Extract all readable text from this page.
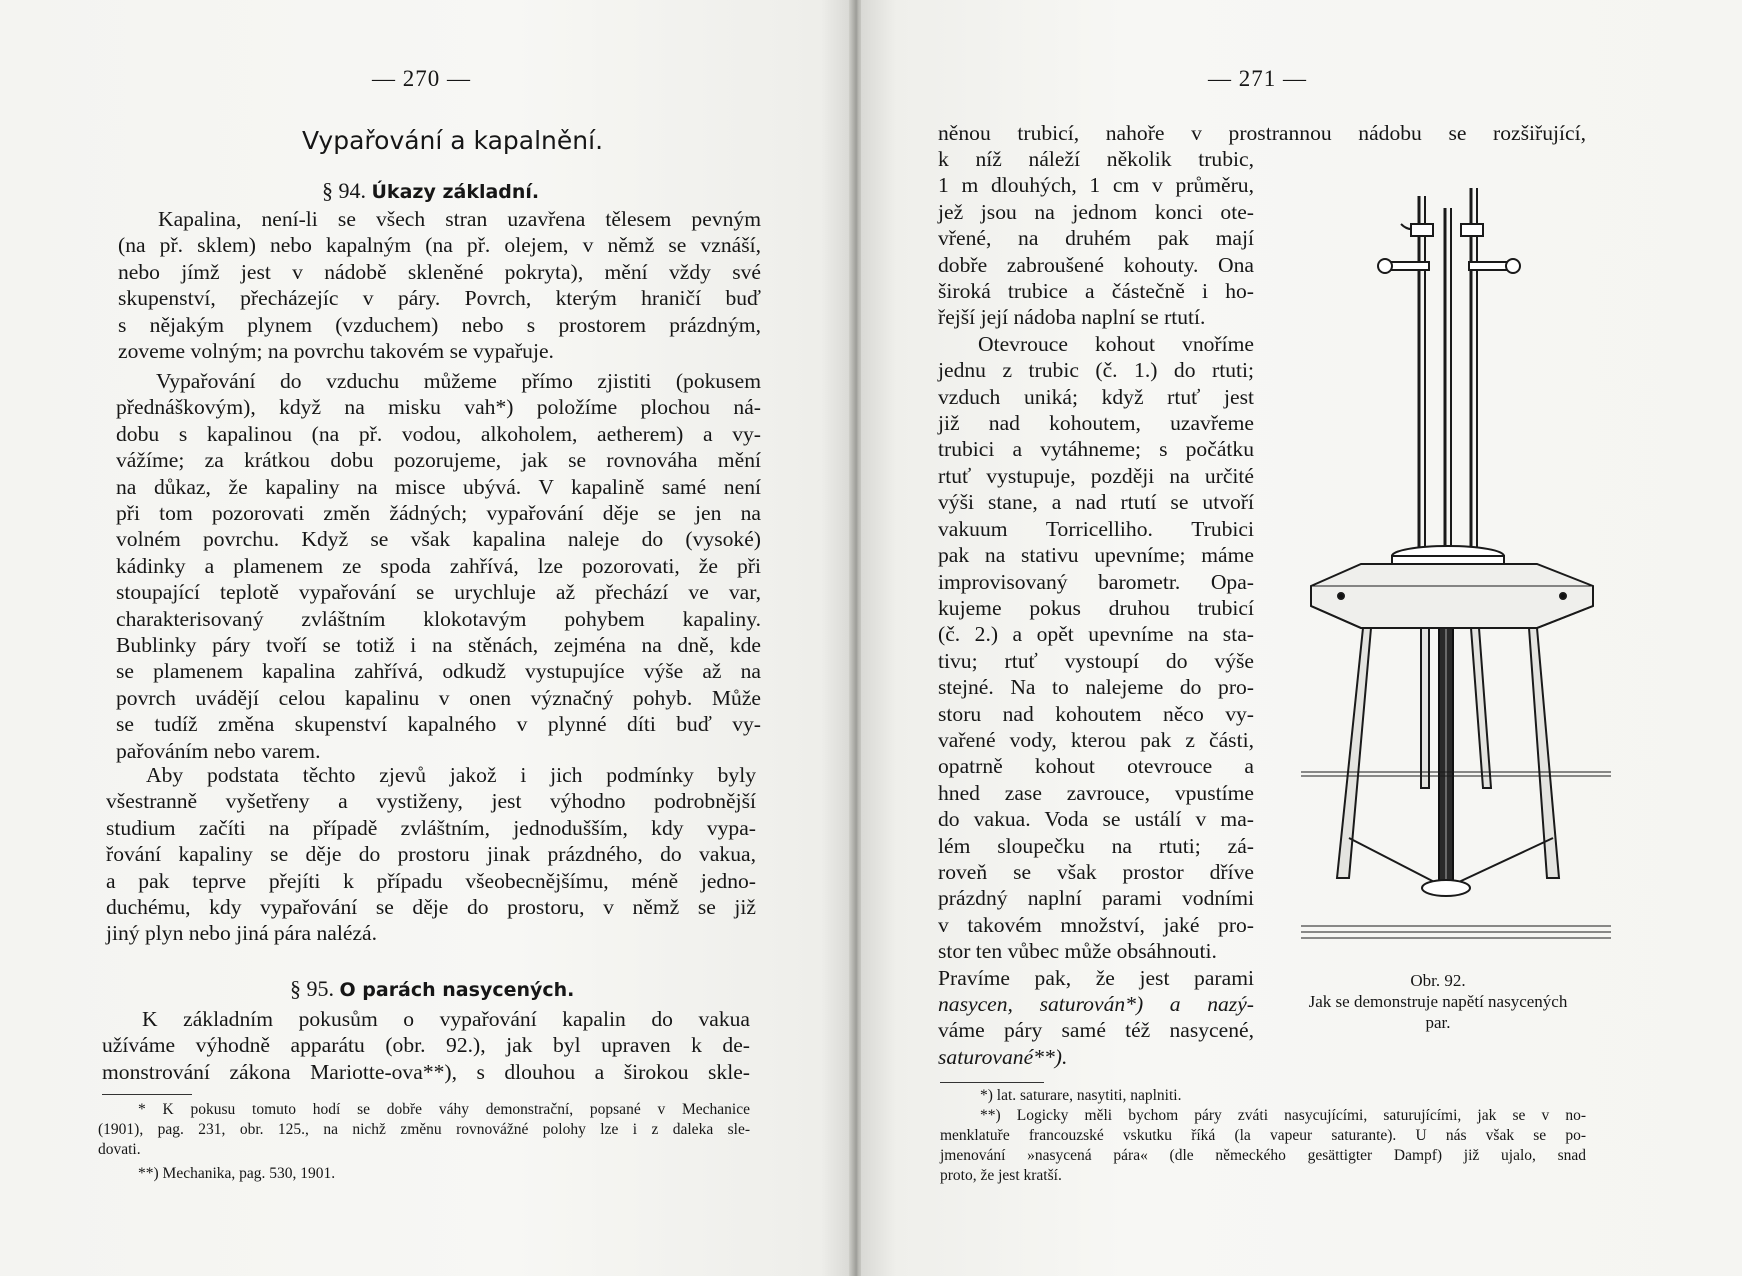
— 270 —
Vypařování a kapalnění.
§ 94. Úkazy základní.
Kapalina, není-li se všech stran uzavřena tělesem pevným
(na př. sklem) nebo kapalným (na př. olejem, v němž se vznáší,
nebo jímž jest v nádobě skleněné pokryta), mění vždy své
skupenství, přecházejíc v páry. Povrch, kterým hraničí buď
s nějakým plynem (vzduchem) nebo s prostorem prázdným,
zoveme volným; na povrchu takovém se vypařuje.
Vypařování do vzduchu můžeme přímo zjistiti (pokusem
přednáškovým), když na misku vah*) položíme plochou ná-
dobu s kapalinou (na př. vodou, alkoholem, aetherem) a vy-
vážíme; za krátkou dobu pozorujeme, jak se rovnováha mění
na důkaz, že kapaliny na misce ubývá. V kapalině samé není
při tom pozorovati změn žádných; vypařování děje se jen na
volném povrchu. Když se však kapalina naleje do (vysoké)
kádinky a plamenem ze spoda zahřívá, lze pozorovati, že při
stoupající teplotě vypařování se urychluje až přechází ve var,
charakterisovaný zvláštním klokotavým pohybem kapaliny.
Bublinky páry tvoří se totiž i na stěnách, zejména na dně, kde
se plamenem kapalina zahřívá, odkudž vystupujíce výše až na
povrch uvádějí celou kapalinu v onen význačný pohyb. Může
se tudíž změna skupenství kapalného v plynné díti buď vy-
pařováním nebo varem.
Aby podstata těchto zjevů jakož i jich podmínky byly
všestranně vyšetřeny a vystiženy, jest výhodno podrobnější
studium začíti na případě zvláštním, jednodušším, kdy vypa-
řování kapaliny se děje do prostoru jinak prázdného, do vakua,
a pak teprve přejíti k případu všeobecnějšímu, méně jedno-
duchému, kdy vypařování se děje do prostoru, v němž se již
jiný plyn nebo jiná pára nalézá.
§ 95. O parách nasycených.
K základním pokusům o vypařování kapalin do vakua
užíváme výhodně apparátu (obr. 92.), jak byl upraven k de-
monstrování zákona Mariotte-ova**), s dlouhou a širokou skle-
* K pokusu tomuto hodí se dobře váhy demonstrační, popsané v Mechanice
(1901), pag. 231, obr. 125., na nichž změnu rovnovážné polohy lze i z daleka sle-
dovati.
**) Mechanika, pag. 530, 1901.
— 271 —
něnou trubicí, nahoře v prostrannou nádobu se rozšiřující,
k níž náleží několik trubic,
1 m dlouhých, 1 cm v průměru,
jež jsou na jednom konci ote-
vřené, na druhém pak mají
dobře zabroušené kohouty. Ona
široká trubice a částečně i ho-
řejší její nádoba naplní se rtutí.
Otevrouce kohout vnoříme
jednu z trubic (č. 1.) do rtuti;
vzduch uniká; když rtuť jest
již nad kohoutem, uzavřeme
trubici a vytáhneme; s počátku
rtuť vystupuje, později na určité
výši stane, a nad rtutí se utvoří
vakuum Torricelliho. Trubici
pak na stativu upevníme; máme
improvisovaný barometr. Opa-
kujeme pokus druhou trubicí
(č. 2.) a opět upevníme na sta-
tivu; rtuť vystoupí do výše
stejné. Na to nalejeme do pro-
storu nad kohoutem něco vy-
vařené vody, kterou pak z části,
opatrně kohout otevrouce a
hned zase zavrouce, vpustíme
do vakua. Voda se ustálí v ma-
lém sloupečku na rtuti; zá-
roveň se však prostor dříve
prázdný naplní parami vodními
v takovém množství, jaké pro-
stor ten vůbec může obsáhnouti.
Pravíme pak, že jest parami
nasycen, saturován*) a nazý-
váme páry samé též nasycené,
saturované**).
Obr. 92.
Jak se demonstruje napětí nasycených
par.
*) lat. saturare, nasytiti, naplniti.
**) Logicky měli bychom páry zváti nasycujícími, saturujícími, jak se v no-
menklatuře francouzské vskutku říká (la vapeur saturante). U nás však se po-
jmenování »nasycená pára« (dle německého gesättigter Dampf) již ujalo, snad
proto, že jest kratší.
